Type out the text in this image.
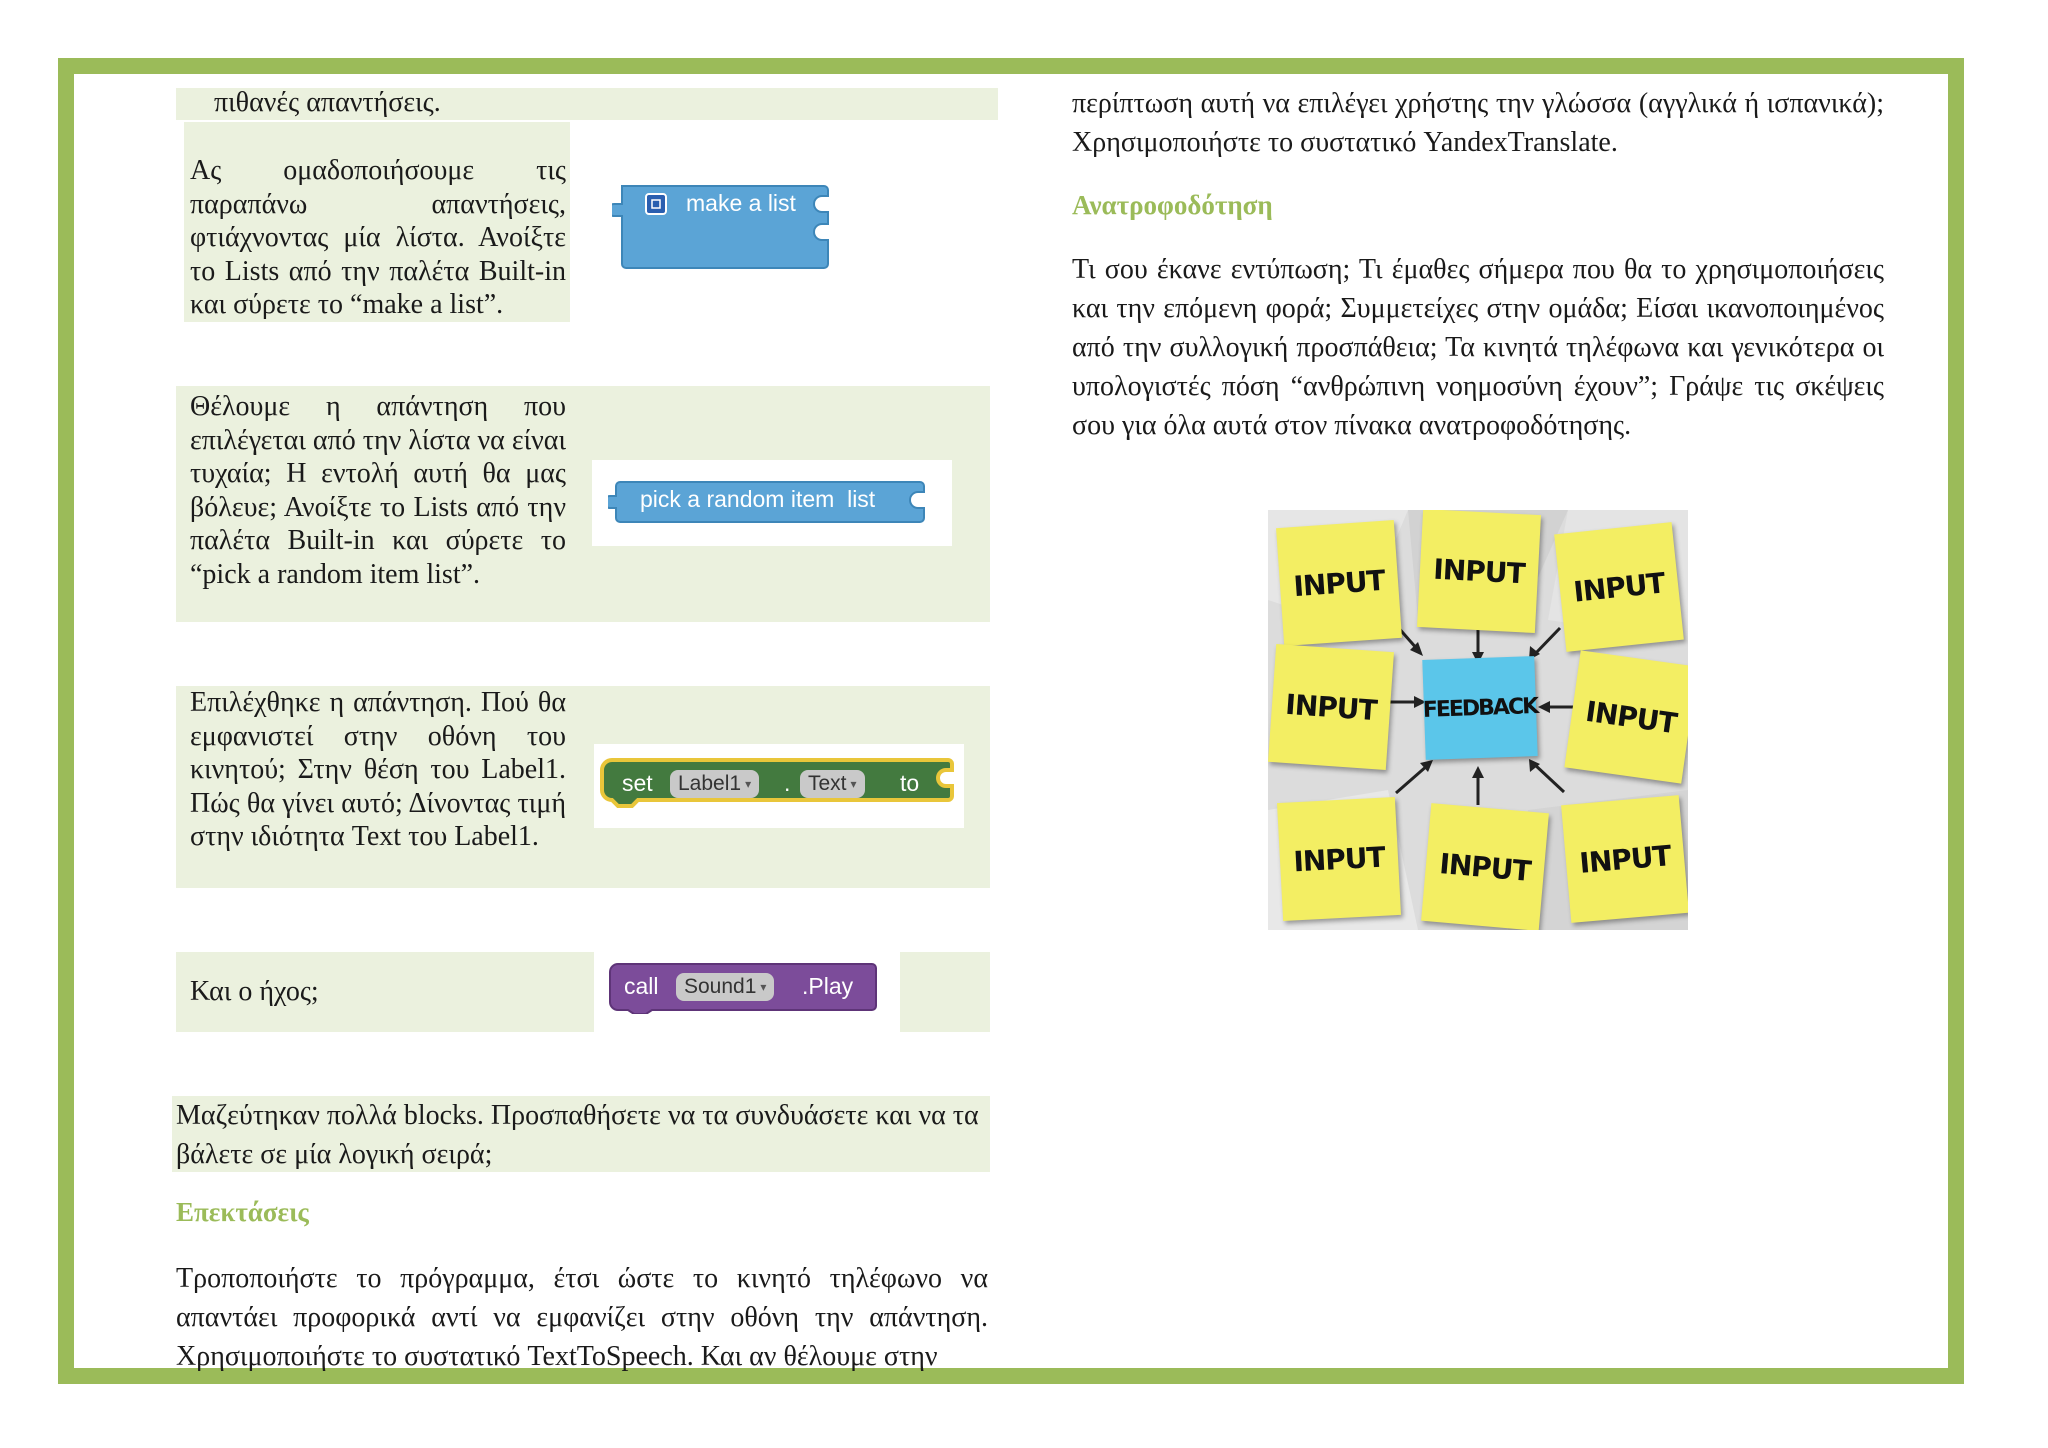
πιθανές απαντήσεις.
Ας ομαδοποιήσουμε τις παραπάνω απαντήσεις, φτιάχνοντας μία λίστα. Ανοίξτε το Lists από την παλέτα Built-in και σύρετε το “make a list”.
make a list
Θέλουμε η απάντηση που επιλέγεται από την λίστα να είναι τυχαία; Η εντολή αυτή θα μας βόλευε; Ανοίξτε το Lists από την παλέτα Built-in και σύρετε το “pick a random item list”.
pick a random item  list
Επιλέχθηκε η απάντηση. Πού θα εμφανιστεί στην οθόνη του κινητού; Στην θέση του Label1. Πώς θα γίνει αυτό; Δίνοντας τιμή στην ιδιότητα Text του Label1.
set	Label1 ▾	. Text ▾	to
Και ο ήχος;	call	Sound1 ▾	.Play
Μαζεύτηκαν πολλά blocks. Προσπαθήσετε να τα συνδυάσετε και να τα βάλετε σε μία λογική σειρά;
Επεκτάσεις
Τροποποιήστε το πρόγραμμα, έτσι ώστε το κινητό τηλέφωνο να απαντάει προφορικά αντί να εμφανίζει στην οθόνη την απάντηση. Χρησιμοποιήστε το συστατικό TextToSpeech. Και αν θέλουμε στην
περίπτωση αυτή να επιλέγει χρήστης την γλώσσα (αγγλικά ή ισπανικά); Χρησιμοποιήστε το συστατικό YandexTranslate.
Ανατροφοδότηση
Τι σου έκανε εντύπωση; Τι έμαθες σήμερα που θα το χρησιμοποιήσεις και την επόμενη φορά; Συμμετείχες στην ομάδα; Είσαι ικανοποιημένος από την συλλογική προσπάθεια; Τα κινητά τηλέφωνα και γενικότερα οι υπολογιστές πόση “ανθρώπινη νοημοσύνη έχουν”; Γράψε τις σκέψεις σου για όλα αυτά στον πίνακα ανατροφοδότησης.
INPUT	INPUT	INPUT
INPUT	FEEDBACK	INPUT
INPUT	INPUT	INPUT
